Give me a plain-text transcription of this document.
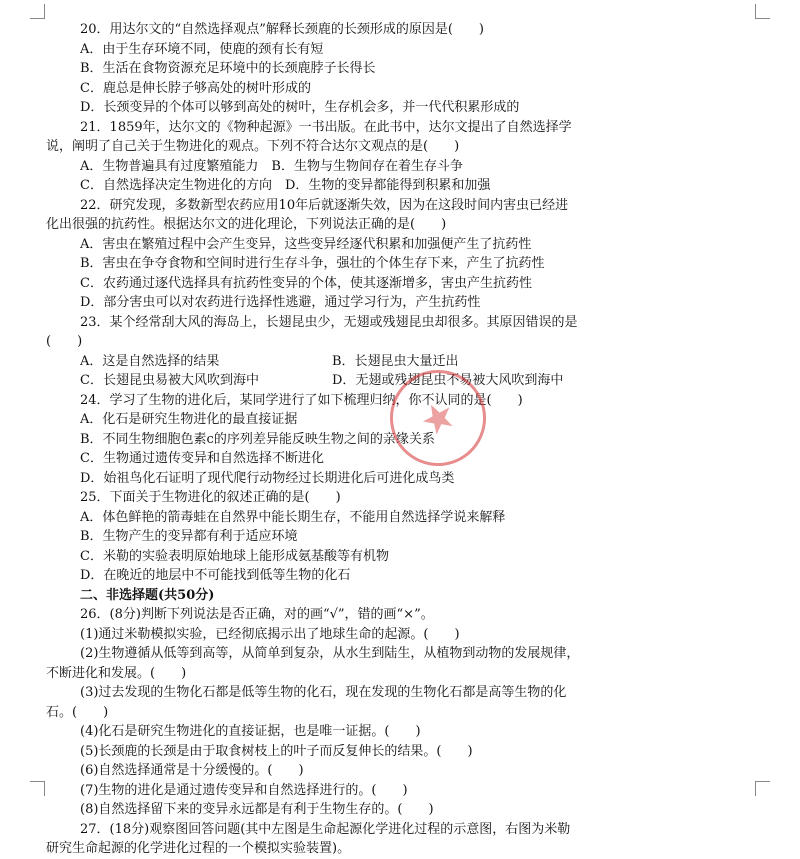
20．用达尔文的“自然选择观点”解释长颈鹿的长颈形成的原因是(　　)
A．由于生存环境不同，使鹿的颈有长有短
B．生活在食物资源充足环境中的长颈鹿脖子长得长
C．鹿总是伸长脖子够高处的树叶形成的
D．长颈变异的个体可以够到高处的树叶，生存机会多，并一代代积累形成的
21．1859年，达尔文的《物种起源》一书出版。在此书中，达尔文提出了自然选择学
说，阐明了自己关于生物进化的观点。下列不符合达尔文观点的是(　　)
A．生物普遍具有过度繁殖能力　B．生物与生物间存在着生存斗争
C．自然选择决定生物进化的方向　D．生物的变异都能得到积累和加强
22．研究发现，多数新型农药应用10年后就逐渐失效，因为在这段时间内害虫已经进
化出很强的抗药性。根据达尔文的进化理论，下列说法正确的是(　　)
A．害虫在繁殖过程中会产生变异，这些变异经逐代积累和加强便产生了抗药性
B．害虫在争夺食物和空间时进行生存斗争，强壮的个体生存下来，产生了抗药性
C．农药通过逐代选择具有抗药性变异的个体，使其逐渐增多，害虫产生抗药性
D．部分害虫可以对农药进行选择性逃避，通过学习行为，产生抗药性
23．某个经常刮大风的海岛上，长翅昆虫少，无翅或残翅昆虫却很多。其原因错误的是
(　　)
A．这是自然选择的结果	B．长翅昆虫大量迁出
C．长翅昆虫易被大风吹到海中	D．无翅或残翅昆虫不易被大风吹到海中
24．学习了生物的进化后，某同学进行了如下梳理归纳，你不认同的是(　　)
A．化石是研究生物进化的最直接证据
B．不同生物细胞色素c的序列差异能反映生物之间的亲缘关系
C．生物通过遗传变异和自然选择不断进化
D．始祖鸟化石证明了现代爬行动物经过长期进化后可进化成鸟类
25．下面关于生物进化的叙述正确的是(　　)
A．体色鲜艳的箭毒蛙在自然界中能长期生存，不能用自然选择学说来解释
B．生物产生的变异都有利于适应环境
C．米勒的实验表明原始地球上能形成氨基酸等有机物
D．在晚近的地层中不可能找到低等生物的化石
二、非选择题(共50分)
26．(8分)判断下列说法是否正确，对的画“√”，错的画“×”。
(1)通过米勒模拟实验，已经彻底揭示出了地球生命的起源。(　　)
(2)生物遵循从低等到高等，从简单到复杂，从水生到陆生，从植物到动物的发展规律，
不断进化和发展。(　　)
(3)过去发现的生物化石都是低等生物的化石，现在发现的生物化石都是高等生物的化
石。(　　)
(4)化石是研究生物进化的直接证据，也是唯一证据。(　　)
(5)长颈鹿的长颈是由于取食树枝上的叶子而反复伸长的结果。(　　)
(6)自然选择通常是十分缓慢的。(　　)
(7)生物的进化是通过遗传变异和自然选择进行的。(　　)
(8)自然选择留下来的变异永远都是有利于生物生存的。(　　)
27．(18分)观察图回答问题(其中左图是生命起源化学进化过程的示意图，右图为米勒
研究生命起源的化学进化过程的一个模拟实验装置)。
